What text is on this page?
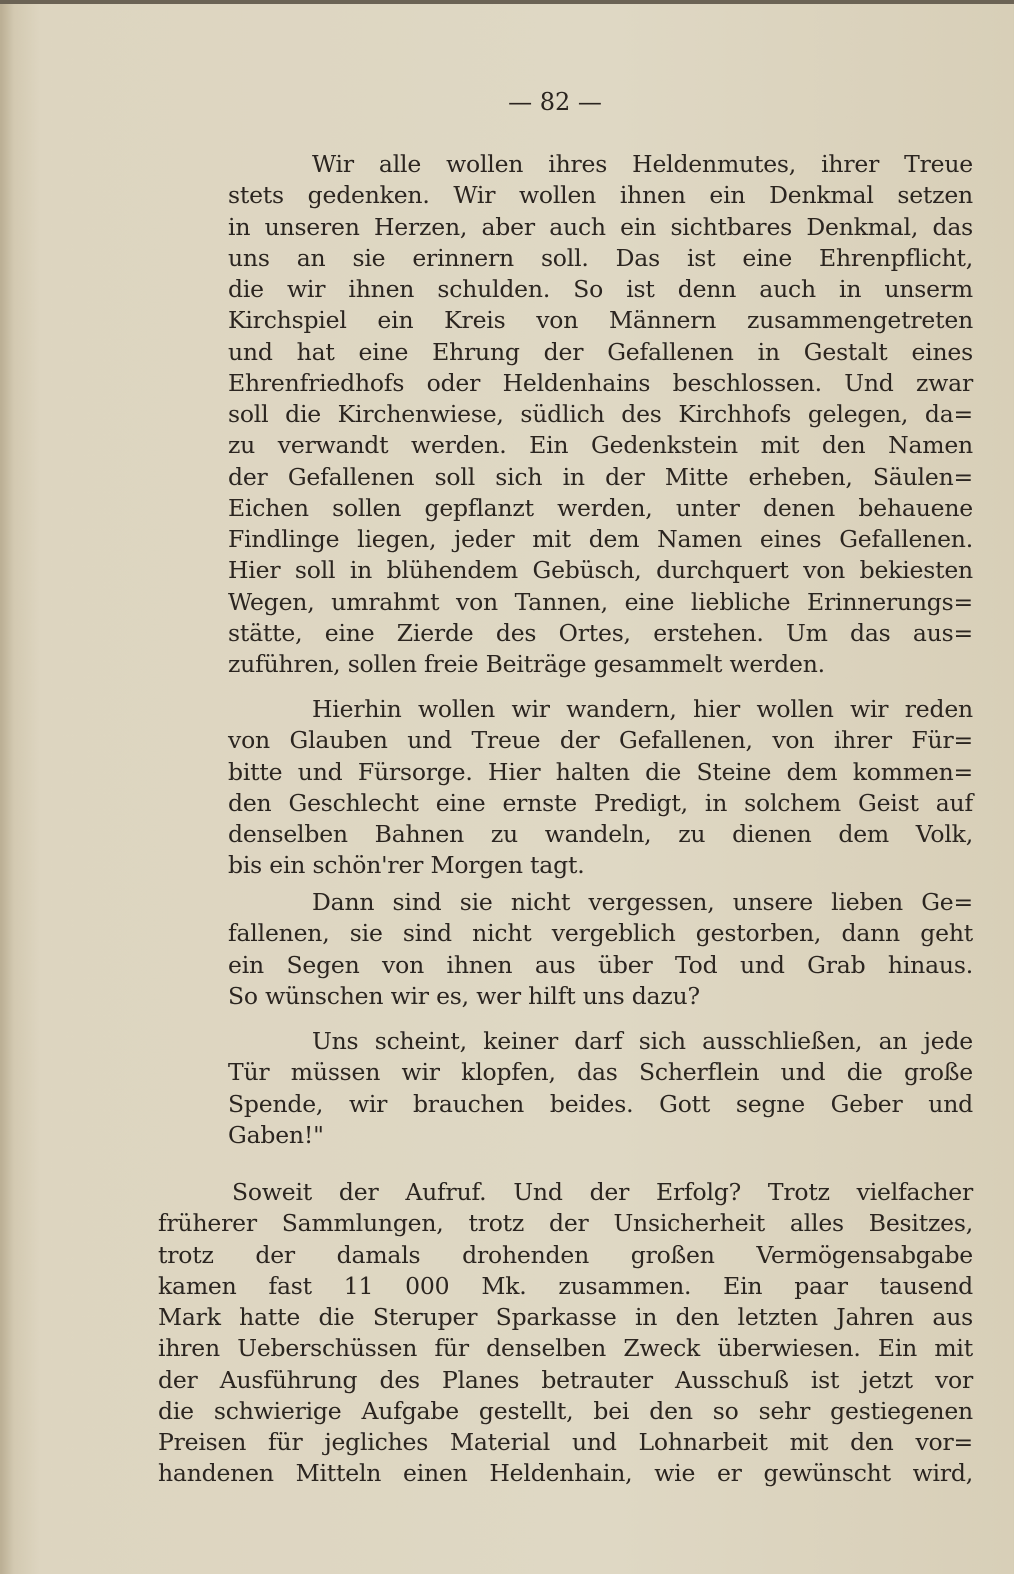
— 82 —
Wir alle wollen ihres Heldenmutes, ihrer Treue
stets gedenken. Wir wollen ihnen ein Denkmal setzen
in unseren Herzen, aber auch ein sichtbares Denkmal, das
uns an sie erinnern soll. Das ist eine Ehrenpflicht,
die wir ihnen schulden. So ist denn auch in unserm
Kirchspiel ein Kreis von Männern zusammengetreten
und hat eine Ehrung der Gefallenen in Gestalt eines
Ehrenfriedhofs oder Heldenhains beschlossen. Und zwar
soll die Kirchenwiese, südlich des Kirchhofs gelegen, da=
zu verwandt werden. Ein Gedenkstein mit den Namen
der Gefallenen soll sich in der Mitte erheben, Säulen=
Eichen sollen gepflanzt werden, unter denen behauene
Findlinge liegen, jeder mit dem Namen eines Gefallenen.
Hier soll in blühendem Gebüsch, durchquert von bekiesten
Wegen, umrahmt von Tannen, eine liebliche Erinnerungs=
stätte, eine Zierde des Ortes, erstehen. Um das aus=
zuführen, sollen freie Beiträge gesammelt werden.
Hierhin wollen wir wandern, hier wollen wir reden
von Glauben und Treue der Gefallenen, von ihrer Für=
bitte und Fürsorge. Hier halten die Steine dem kommen=
den Geschlecht eine ernste Predigt, in solchem Geist auf
denselben Bahnen zu wandeln, zu dienen dem Volk,
bis ein schön'rer Morgen tagt.
Dann sind sie nicht vergessen, unsere lieben Ge=
fallenen, sie sind nicht vergeblich gestorben, dann geht
ein Segen von ihnen aus über Tod und Grab hinaus.
So wünschen wir es, wer hilft uns dazu?
Uns scheint, keiner darf sich ausschließen, an jede
Tür müssen wir klopfen, das Scherflein und die große
Spende, wir brauchen beides. Gott segne Geber und
Gaben!"
Soweit der Aufruf. Und der Erfolg? Trotz vielfacher
früherer Sammlungen, trotz der Unsicherheit alles Besitzes,
trotz der damals drohenden großen Vermögensabgabe
kamen fast 11 000 Mk. zusammen. Ein paar tausend
Mark hatte die Steruper Sparkasse in den letzten Jahren aus
ihren Ueberschüssen für denselben Zweck überwiesen. Ein mit
der Ausführung des Planes betrauter Ausschuß ist jetzt vor
die schwierige Aufgabe gestellt, bei den so sehr gestiegenen
Preisen für jegliches Material und Lohnarbeit mit den vor=
handenen Mitteln einen Heldenhain, wie er gewünscht wird,
